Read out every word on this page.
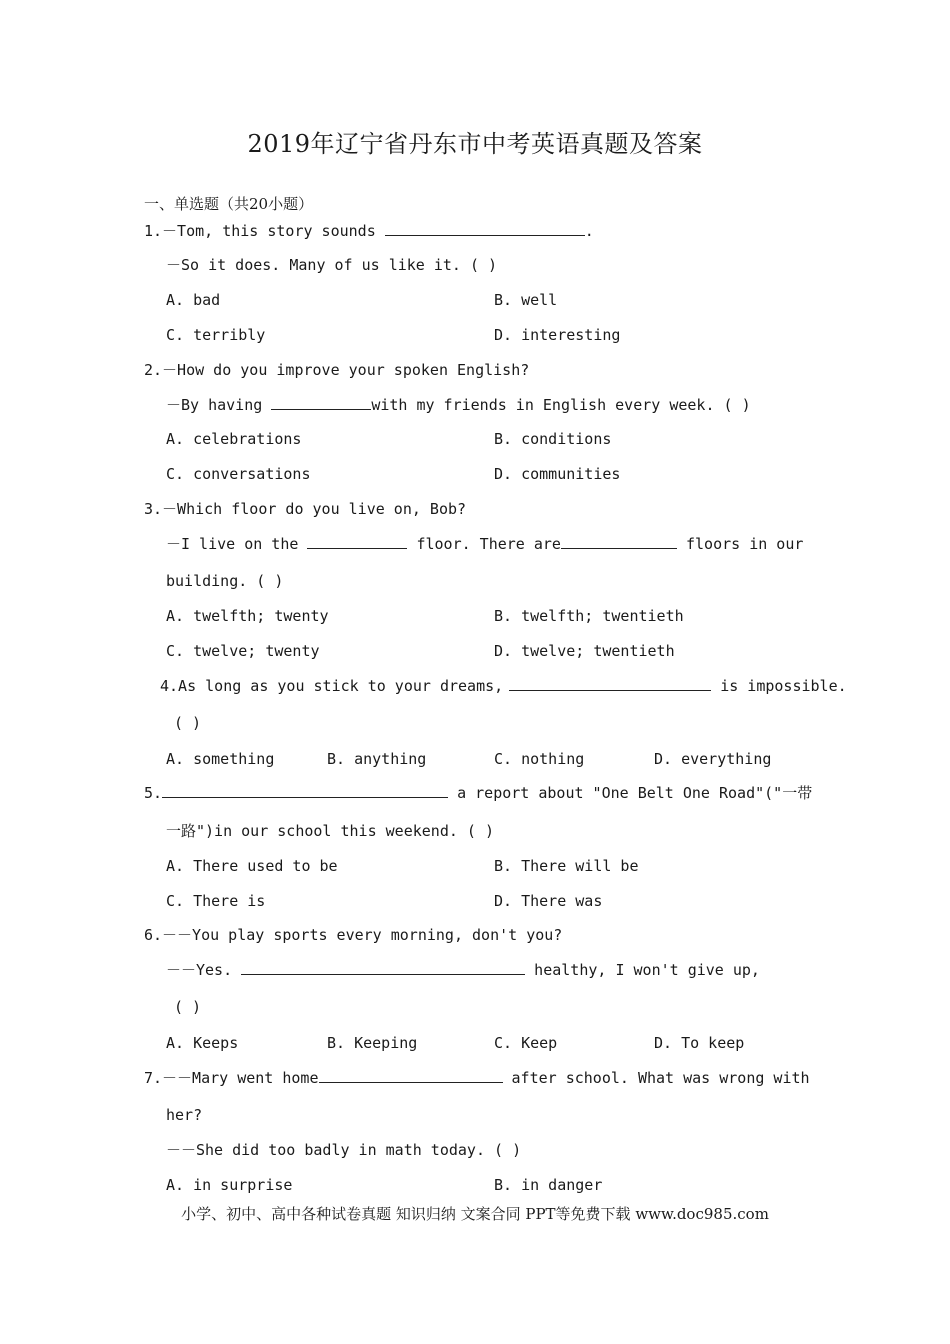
2019年辽宁省丹东市中考英语真题及答案
一、单选题（共20小题）
1.－Tom, this story sounds	.
－So it does. Many of us like it. ( )
A. bad	B. well
C. terribly	D. interesting
2.－How do you improve your spoken English?
－By having	with my friends in English every week. ( )
A. celebrations	B. conditions
C. conversations	D. communities
3.－Which floor do you live on, Bob?
－I live on the	floor. There are	floors in our
building. ( )
A. twelfth; twenty	B. twelfth; twentieth
C. twelve; twenty	D. twelve; twentieth
4.As long as you stick to your dreams,	is impossible.
( )
A. something	B. anything	C. nothing	D. everything
5.	a report about "One Belt One Road"("一带
一路")in our school this weekend. ( )
A. There used to be	B. There will be
C. There is	D. There was
6.－－You play sports every morning, don't you?
－－Yes.	healthy, I won't give up,
( )
A. Keeps	B. Keeping	C. Keep	D. To keep
7.－－Mary went home	after school. What was wrong with
her?
－－She did too badly in math today. ( )
A. in surprise	B. in danger
小学、初中、高中各种试卷真题 知识归纳 文案合同 PPT等免费下载 www.doc985.com
